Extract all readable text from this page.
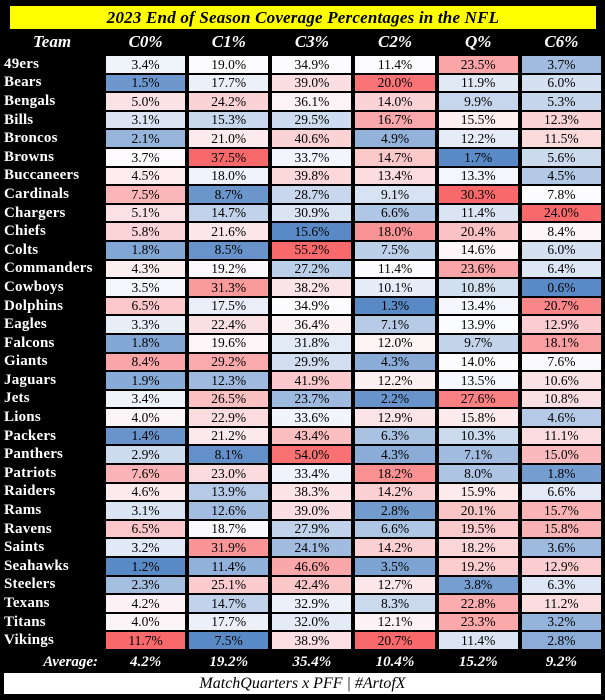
2023 End of Season Coverage Percentages in the NFL
Team	C0%	C1%	C3%	C2%	Q%	C6%
49ers	3.4%	19.0%	34.9%	11.4%	23.5%	3.7%
Bears	1.5%	17.7%	39.0%	20.0%	11.9%	6.0%
Bengals	5.0%	24.2%	36.1%	14.0%	9.9%	5.3%
Bills	3.1%	15.3%	29.5%	16.7%	15.5%	12.3%
Broncos	2.1%	21.0%	40.6%	4.9%	12.2%	11.5%
Browns	3.7%	37.5%	33.7%	14.7%	1.7%	5.6%
Buccaneers	4.5%	18.0%	39.8%	13.4%	13.3%	4.5%
Cardinals	7.5%	8.7%	28.7%	9.1%	30.3%	7.8%
Chargers	5.1%	14.7%	30.9%	6.6%	11.4%	24.0%
Chiefs	5.8%	21.6%	15.6%	18.0%	20.4%	8.4%
Colts	1.8%	8.5%	55.2%	7.5%	14.6%	6.0%
Commanders	4.3%	19.2%	27.2%	11.4%	23.6%	6.4%
Cowboys	3.5%	31.3%	38.2%	10.1%	10.8%	0.6%
Dolphins	6.5%	17.5%	34.9%	1.3%	13.4%	20.7%
Eagles	3.3%	22.4%	36.4%	7.1%	13.9%	12.9%
Falcons	1.8%	19.6%	31.8%	12.0%	9.7%	18.1%
Giants	8.4%	29.2%	29.9%	4.3%	14.0%	7.6%
Jaguars	1.9%	12.3%	41.9%	12.2%	13.5%	10.6%
Jets	3.4%	26.5%	23.7%	2.2%	27.6%	10.8%
Lions	4.0%	22.9%	33.6%	12.9%	15.8%	4.6%
Packers	1.4%	21.2%	43.4%	6.3%	10.3%	11.1%
Panthers	2.9%	8.1%	54.0%	4.3%	7.1%	15.0%
Patriots	7.6%	23.0%	33.4%	18.2%	8.0%	1.8%
Raiders	4.6%	13.9%	38.3%	14.2%	15.9%	6.6%
Rams	3.1%	12.6%	39.0%	2.8%	20.1%	15.7%
Ravens	6.5%	18.7%	27.9%	6.6%	19.5%	15.8%
Saints	3.2%	31.9%	24.1%	14.2%	18.2%	3.6%
Seahawks	1.2%	11.4%	46.6%	3.5%	19.2%	12.9%
Steelers	2.3%	25.1%	42.4%	12.7%	3.8%	6.3%
Texans	4.2%	14.7%	32.9%	8.3%	22.8%	11.2%
Titans	4.0%	17.7%	32.0%	12.1%	23.3%	3.2%
Vikings	11.7%	7.5%	38.9%	20.7%	11.4%	2.8%
Average:	4.2%	19.2%	35.4%	10.4%	15.2%	9.2%
MatchQuarters x PFF | #ArtofX
